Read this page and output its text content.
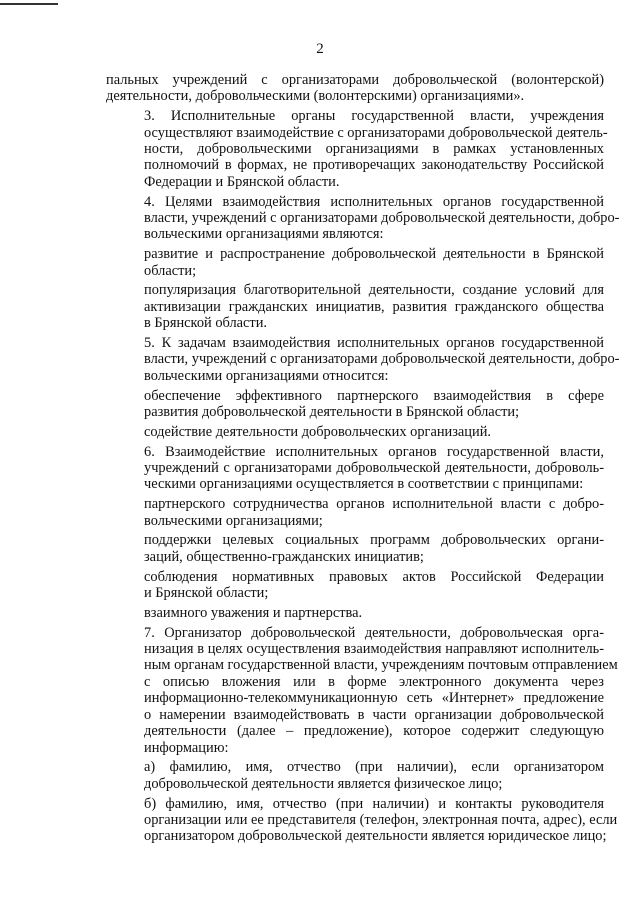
2
пальных учреждений с организаторами добровольческой (волонтерской)
деятельности, добровольческими (волонтерскими) организациями».
3. Исполнительные органы государственной власти, учреждения
осуществляют взаимодействие с организаторами добровольческой деятель-
ности, добровольческими организациями в рамках установленных
полномочий в формах, не противоречащих законодательству Российской
Федерации и Брянской области.
4. Целями взаимодействия исполнительных органов государственной
власти, учреждений с организаторами добровольческой деятельности, добро-
вольческими организациями являются:
развитие и распространение добровольческой деятельности в Брянской
области;
популяризация благотворительной деятельности, создание условий для
активизации гражданских инициатив, развития гражданского общества
в Брянской области.
5. К задачам взаимодействия исполнительных органов государственной
власти, учреждений с организаторами добровольческой деятельности, добро-
вольческими организациями относится:
обеспечение эффективного партнерского взаимодействия в сфере
развития добровольческой деятельности в Брянской области;
содействие деятельности добровольческих организаций.
6. Взаимодействие исполнительных органов государственной власти,
учреждений с организаторами добровольческой деятельности, доброволь-
ческими организациями осуществляется в соответствии с принципами:
партнерского сотрудничества органов исполнительной власти с добро-
вольческими организациями;
поддержки целевых социальных программ добровольческих органи-
заций, общественно-гражданских инициатив;
соблюдения нормативных правовых актов Российской Федерации
и Брянской области;
взаимного уважения и партнерства.
7. Организатор добровольческой деятельности, добровольческая орга-
низация в целях осуществления взаимодействия направляют исполнитель-
ным органам государственной власти, учреждениям почтовым отправлением
с описью вложения или в форме электронного документа через
информационно-телекоммуникационную сеть «Интернет» предложение
о намерении взаимодействовать в части организации добровольческой
деятельности (далее – предложение), которое содержит следующую
информацию:
а) фамилию, имя, отчество (при наличии), если организатором
добровольческой деятельности является физическое лицо;
б) фамилию, имя, отчество (при наличии) и контакты руководителя
организации или ее представителя (телефон, электронная почта, адрес), если
организатором добровольческой деятельности является юридическое лицо;
